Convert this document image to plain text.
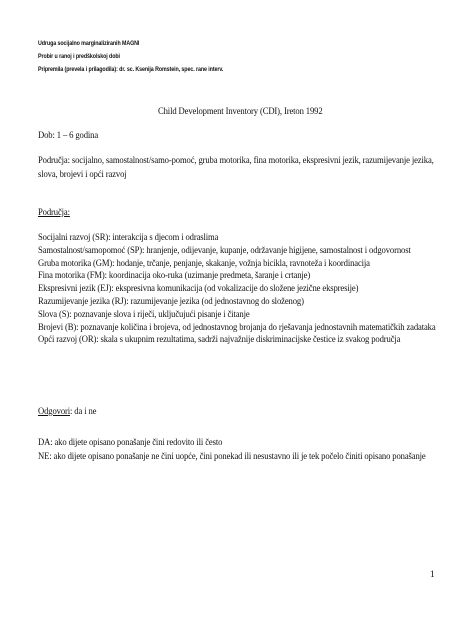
Udruga socijalno marginaliziranih MAGNI
Probir u ranoj i predškolskoj dobi
Pripremila (prevela i prilagodila): dr. sc. Ksenija Romstein, spec. rane interv.
Child Development Inventory (CDI), Ireton 1992
Dob: 1 – 6 godina
Područja: socijalno, samostalnost/samo-pomoć, gruba motorika, fina motorika, ekspresivni jezik, razumijevanje jezika,
slova, brojevi i opći razvoj
Područja:
Socijalni razvoj (SR): interakcija s djecom i odraslima
Samostalnost/samopomoć (SP): hranjenje, odijevanje, kupanje, održavanje higijene, samostalnost i odgovornost
Gruba motorika (GM): hodanje, trčanje, penjanje, skakanje, vožnja bicikla, ravnoteža i koordinacija
Fina motorika (FM): koordinacija oko-ruka (uzimanje predmeta, šaranje i crtanje)
Ekspresivni jezik (EJ): ekspresivna komunikacija (od vokalizacije do složene jezične ekspresije)
Razumijevanje jezika (RJ): razumijevanje jezika (od jednostavnog do složenog)
Slova (S): poznavanje slova i riječi, uključujući pisanje i čitanje
Brojevi (B): poznavanje količina i brojeva, od jednostavnog brojanja do rješavanja jednostavnih matematičkih zadataka
Opći razvoj (OR): skala s ukupnim rezultatima, sadrži najvažnije diskriminacijske čestice iz svakog područja
Odgovori: da i ne
DA: ako dijete opisano ponašanje čini redovito ili često
NE: ako dijete opisano ponašanje ne čini uopće, čini ponekad ili nesustavno ili je tek počelo činiti opisano ponašanje
1
